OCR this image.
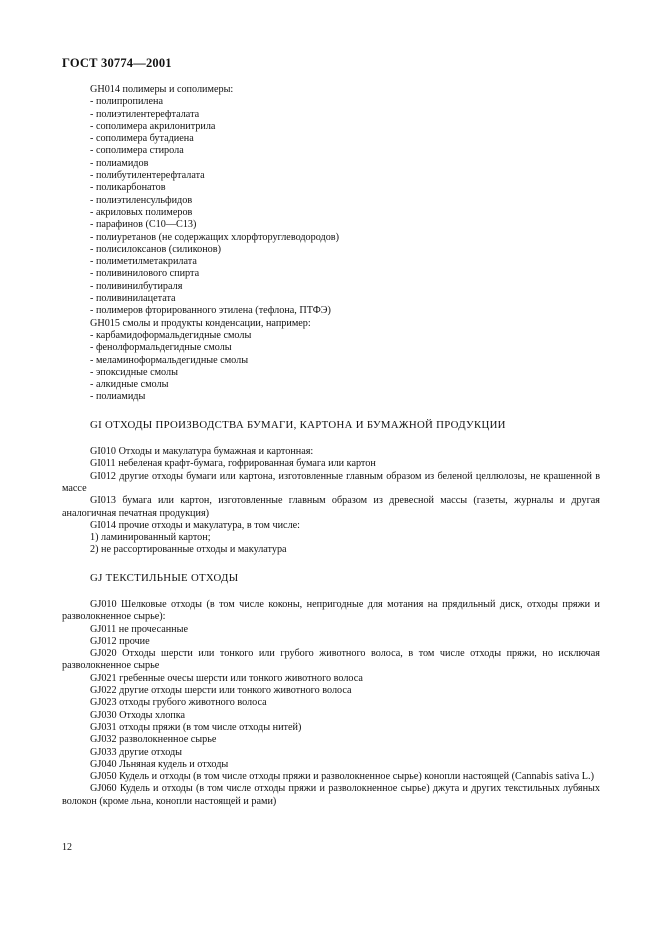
ГОСТ 30774—2001
GH014 полимеры и сополимеры:
- полипропилена
- полиэтилентерефталата
- сополимера акрилонитрила
- сополимера бутадиена
- сополимера стирола
- полиамидов
- полибутилентерефталата
- поликарбонатов
- полиэтиленсульфидов
- акриловых полимеров
- парафинов (С10—С13)
- полиуретанов (не содержащих хлорфторуглеводородов)
- полисилоксанов (силиконов)
- полиметилметакрилата
- поливинилового спирта
- поливинилбутираля
- поливинилацетата
- полимеров фторированного этилена (тефлона, ПТФЭ)
GH015 смолы и продукты конденсации, например:
- карбамидоформальдегидные смолы
- фенолформальдегидные смолы
- меламиноформальдегидные смолы
- эпоксидные смолы
- алкидные смолы
- полиамиды
GI ОТХОДЫ ПРОИЗВОДСТВА БУМАГИ, КАРТОНА И БУМАЖНОЙ ПРОДУКЦИИ
GI010 Отходы и макулатура бумажная и картонная:
GI011 небеленая крафт-бумага, гофрированная бумага или картон
GI012 другие отходы бумаги или картона, изготовленные главным образом из беленой целлюлозы, не крашенной в массе
GI013 бумага или картон, изготовленные главным образом из древесной массы (газеты, журналы и другая аналогичная печатная продукция)
GI014 прочие отходы и макулатура, в том числе:
1) ламинированный картон;
2) не рассортированные отходы и макулатура
GJ ТЕКСТИЛЬНЫЕ ОТХОДЫ
GJ010 Шелковые отходы (в том числе коконы, непригодные для мотания на прядильный диск, отходы пряжи и разволокненное сырье):
GJ011 не прочесанные
GJ012 прочие
GJ020 Отходы шерсти или тонкого или грубого животного волоса, в том числе отходы пряжи, но исключая разволокненное сырье
GJ021 гребенные очесы шерсти или тонкого животного волоса
GJ022 другие отходы шерсти или тонкого животного волоса
GJ023 отходы грубого животного волоса
GJ030 Отходы хлопка
GJ031 отходы пряжи (в том числе отходы нитей)
GJ032 разволокненное сырье
GJ033 другие отходы
GJ040 Льняная кудель и отходы
GJ050 Кудель и отходы (в том числе отходы пряжи и разволокненное сырье) конопли настоящей (Cannabis sativa L.)
GJ060 Кудель и отходы (в том числе отходы пряжи и разволокненное сырье) джута и других текстильных лубяных волокон (кроме льна, конопли настоящей и рами)
12
